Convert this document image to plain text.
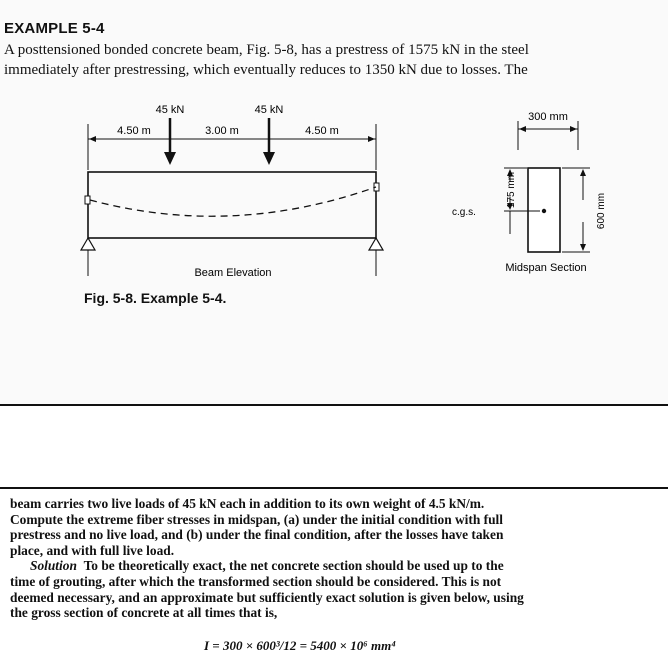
EXAMPLE 5-4
A posttensioned bonded concrete beam, Fig. 5-8, has a prestress of 1575 kN in the steel
immediately after prestressing, which eventually reduces to 1350 kN due to losses. The
45 kN	45 kN
4.50 m	3.00 m	4.50 m
Beam Elevation
300 mm
175 mm
600 mm
c.g.s.
Midspan Section
Fig. 5-8. Example 5-4.

beam carries two live loads of 45 kN each in addition to its own weight of 4.5 kN/m.

Compute the extreme fiber stresses in midspan, (a) under the initial condition with full

prestress and no live load, and (b) under the final condition, after the losses have taken

place, and with full live load.

Solution To be theoretically exact, the net concrete section should be used up to the

time of grouting, after which the transformed section should be considered. This is not

deemed necessary, and an approximate but sufficiently exact solution is given below, using

the gross section of concrete at all times that is,

I = 300 × 600³/12 = 5400 × 10⁶ mm⁴
